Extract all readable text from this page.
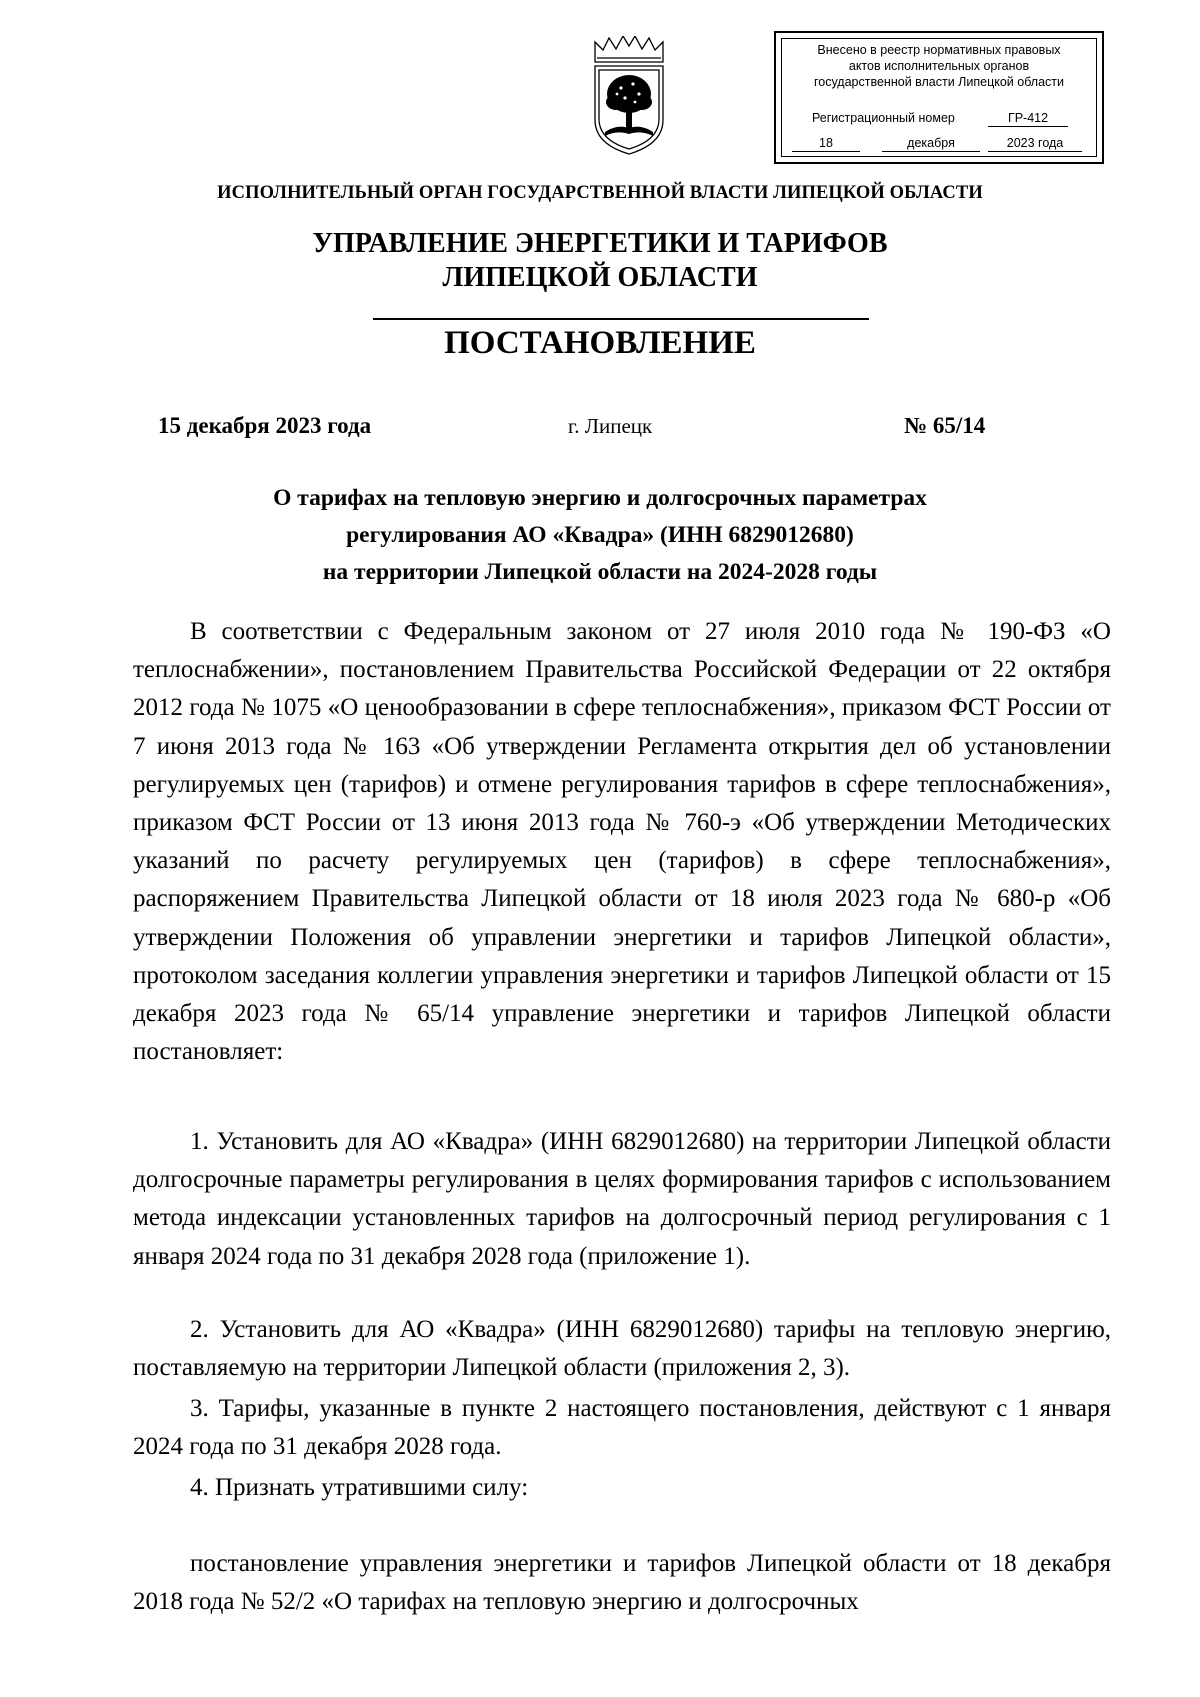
Внесено в реестр нормативных правовых
актов исполнительных органов
государственной власти Липецкой области
Регистрационный номер	ГР-412
18	декабря	2023 года
ИСПОЛНИТЕЛЬНЫЙ ОРГАН ГОСУДАРСТВЕННОЙ ВЛАСТИ ЛИПЕЦКОЙ ОБЛАСТИ
УПРАВЛЕНИЕ ЭНЕРГЕТИКИ И ТАРИФОВ
ЛИПЕЦКОЙ ОБЛАСТИ
ПОСТАНОВЛЕНИЕ
15 декабря 2023 года	г. Липецк	№ 65/14
О тарифах на тепловую энергию и долгосрочных параметрах
регулирования АО «Квадра» (ИНН 6829012680)
на территории Липецкой области на 2024-2028 годы

В соответствии с Федеральным законом от 27 июля 2010 года № 190-ФЗ «О теплоснабжении», постановлением Правительства Российской Федерации от 22 октября 2012 года № 1075 «О ценообразовании в сфере теплоснабжения», приказом ФСТ России от 7 июня 2013 года № 163 «Об утверждении Регламента открытия дел об установлении регулируемых цен (тарифов) и отмене регулирования тарифов в сфере теплоснабжения», приказом ФСТ России от 13 июня 2013 года № 760-э «Об утверждении Методических указаний по расчету регулируемых цен (тарифов) в сфере теплоснабжения», распоряжением Правительства Липецкой области от 18 июля 2023 года № 680-р «Об утверждении Положения об управлении энергетики и тарифов Липецкой области», протоколом заседания коллегии управления энергетики и тарифов Липецкой области от 15 декабря 2023 года № 65/14 управление энергетики и тарифов Липецкой области постановляет:

1. Установить для АО «Квадра» (ИНН 6829012680) на территории Липецкой области долгосрочные параметры регулирования в целях формирования тарифов с использованием метода индексации установленных тарифов на долгосрочный период регулирования с 1 января 2024 года по 31 декабря 2028 года (приложение 1).

2. Установить для АО «Квадра» (ИНН 6829012680) тарифы на тепловую энергию, поставляемую на территории Липецкой области (приложения 2, 3).

3. Тарифы, указанные в пункте 2 настоящего постановления, действуют с 1 января 2024 года по 31 декабря 2028 года.

4. Признать утратившими силу:

постановление управления энергетики и тарифов Липецкой области от 18 декабря 2018 года № 52/2 «О тарифах на тепловую энергию и долгосрочных
